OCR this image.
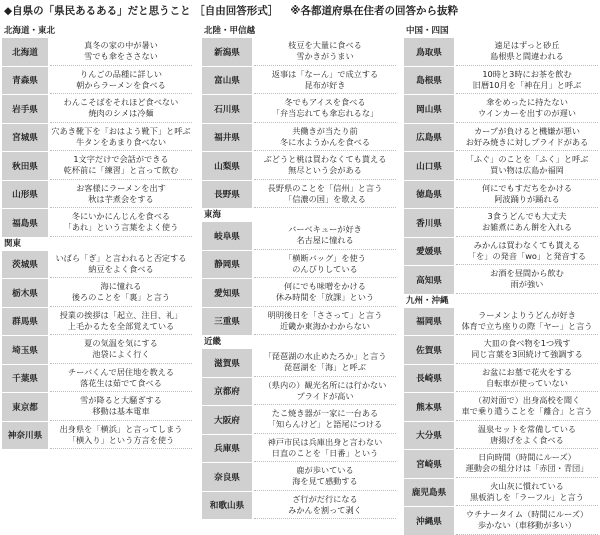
◆自県の「県民あるある」だと思うこと ［自由回答形式］ ※各都道府県在住者の回答から抜粋
北海道・東北
北海道
真冬の家の中が暑い
雪でも傘をささない
青森県
りんごの品種に詳しい
朝からラーメンを食べる
岩手県
わんこそばをそれほど食べない
焼肉のシメは冷麺
宮城県
穴あき靴下を「おはよう靴下」と呼ぶ
牛タンをあまり食べない
秋田県
1文字だけで会話ができる
乾杯前に「練習」と言って飲む
山形県
お客様にラーメンを出す
秋は芋煮会をする
福島県
冬にいかにんじんを食べる
「あれ」という言葉をよく使う
関東
茨城県
いばら「ぎ」と言われると否定する
納豆をよく食べる
栃木県
海に憧れる
後ろのことを「裏」と言う
群馬県
授業の挨拶は「起立、注目、礼」
上毛かるたを全部覚えている
埼玉県
夏の気温を気にする
池袋によく行く
千葉県
チーバくんで居住地を教える
落花生は茹でて食べる
東京都
雪が降ると大騒ぎする
移動は基本電車
神奈川県
出身県を「横浜」と言ってしまう
「横入り」という方言を使う
北陸・甲信越
新潟県
枝豆を大量に食べる
雪かきがうまい
富山県
返事は「なーん」で成立する
昆布が好き
石川県
冬でもアイスを食べる
「弁当忘れても傘忘れるな」
福井県
共働きが当たり前
冬に水ようかんを食べる
山梨県
ぶどうと桃は買わなくても貰える
無尽という会がある
長野県
長野県のことを「信州」と言う
「信濃の国」を歌える
東海
岐阜県
バーベキューが好き
名古屋に憧れる
静岡県
「横断バッグ」を使う
のんびりしている
愛知県
何にでも味噌をかける
休み時間を「放課」という
三重県
明明後日を「ささって」と言う
近畿か東海かわからない
近畿
滋賀県
「琵琶湖の水止めたろか」と言う
琵琶湖を「海」と呼ぶ
京都府
（県内の）観光名所には行かない
プライドが高い
大阪府
たこ焼き器が一家に一台ある
「知らんけど」と語尾につける
兵庫県
神戸市民は兵庫出身と言わない
日直のことを「日番」という
奈良県
鹿が歩いている
海を見て感動する
和歌山県
ざ行がだ行になる
みかんを割って剥く
中国・四国
鳥取県
遠足はずっと砂丘
島根県と間違われる
島根県
10時と3時にお茶を飲む
旧暦10月を「神在月」と呼ぶ
岡山県
傘をめったに持たない
ウインカーを出すのが遅い
広島県
カープが負けると機嫌が悪い
お好み焼きに対しプライドがある
山口県
「ふぐ」のことを「ふく」と呼ぶ
買い物は広島か福岡
徳島県
何にでもすだちをかける
阿波踊りが踊れる
香川県
3食うどんでも大丈夫
お雑煮にあん餅を入れる
愛媛県
みかんは買わなくても貰える
「を」の発音「wo」と発音する
高知県
お酒を昼間から飲む
雨が強い
九州・沖縄
福岡県
ラーメンよりうどんが好き
体育で立ち座りの際「ヤー」と言う
佐賀県
大皿の食べ物を1つ残す
同じ言葉を3回続けて強調する
長崎県
お盆にお墓で花火をする
自転車が使っていない
熊本県
（初対面で）出身高校を聞く
車で乗り遣うことを「離合」と言う
大分県
温泉セットを常備している
唐揚げをよく食べる
宮崎県
日向時間（時間にルーズ）
運動会の組分けは「赤団・青団」
鹿児島県
火山灰に慣れている
黒板消しを「ラーフル」と言う
沖縄県
ウチナータイム（時間にルーズ）
歩かない（車移動が多い）
